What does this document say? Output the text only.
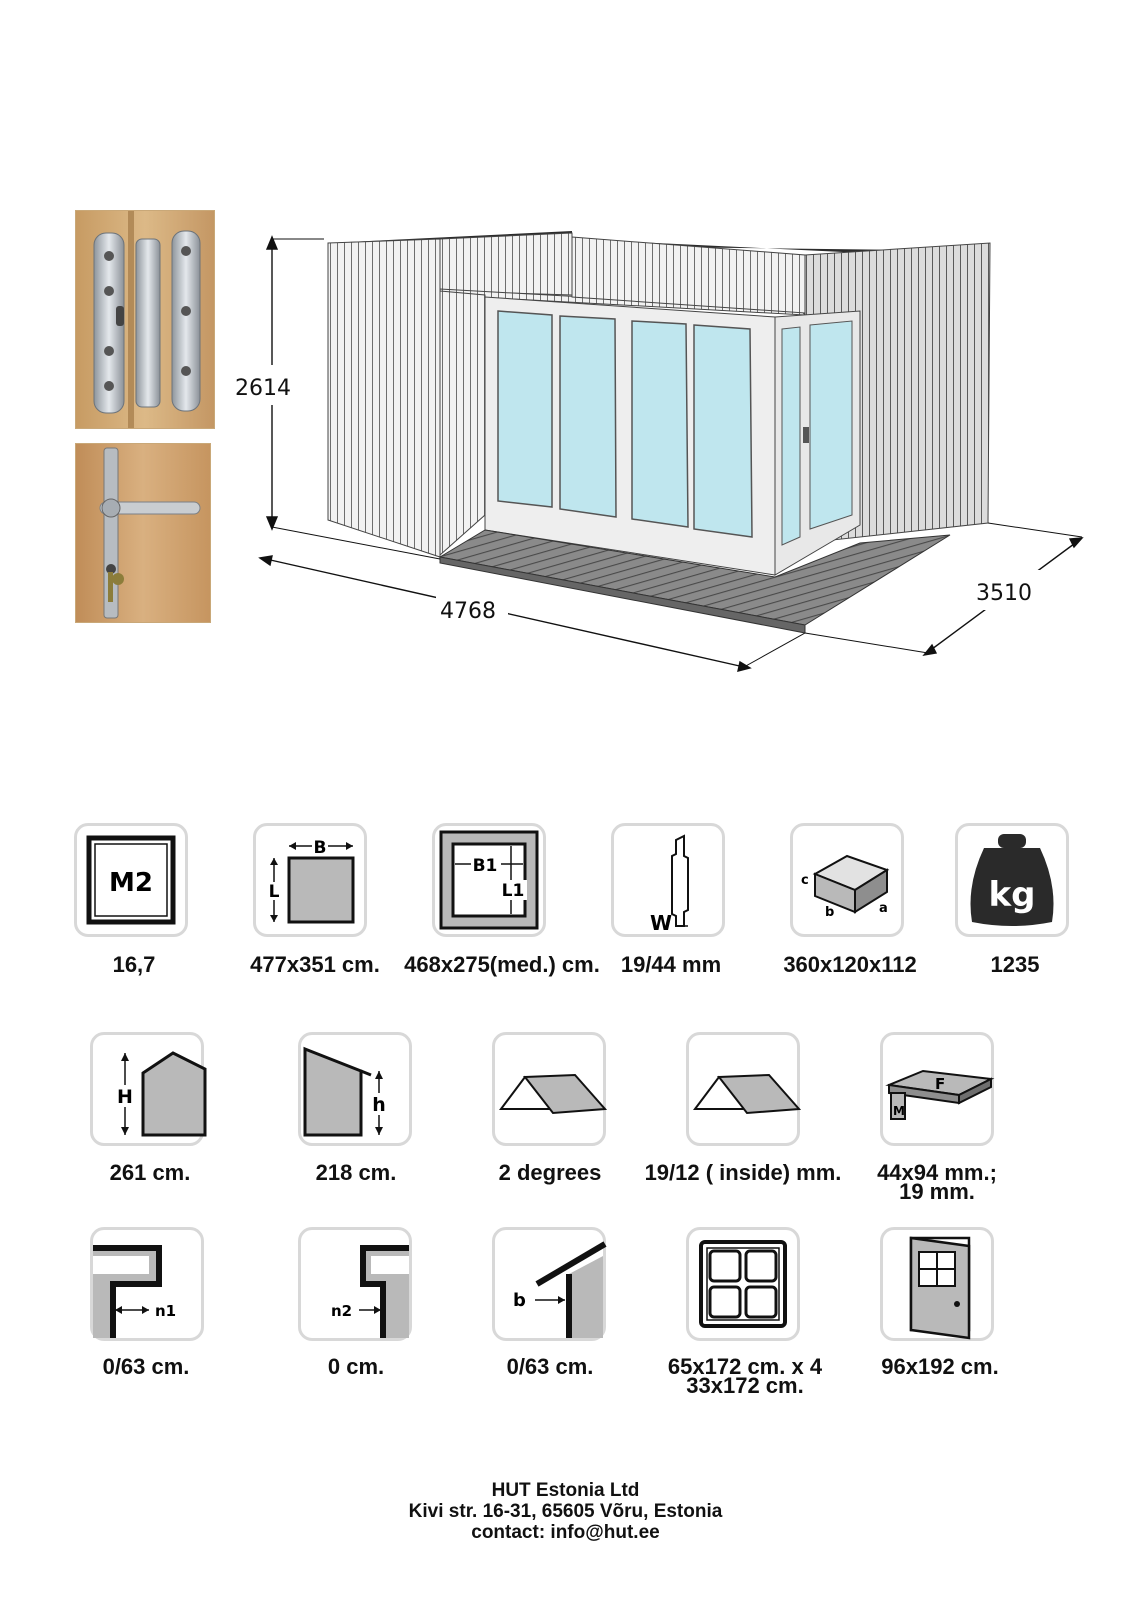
2614
4768
3510
M2
16,7
B
L
477x351 cm.
B1
L1
468x275(med.) cm.
W
19/44 mm
c
b	a
360x120x112
kg
1235
H
261 cm.
h
218 cm.	2 degrees	19/12 ( inside) mm.
F
M
44x94 mm.;
19 mm.
n1
0/63 cm.
n2
0 cm.
b
0/63 cm.	65x172 cm. x 4
33x172 cm.
96x192 cm.
HUT Estonia Ltd
Kivi str. 16-31, 65605 Võru, Estonia
contact: info@hut.ee
